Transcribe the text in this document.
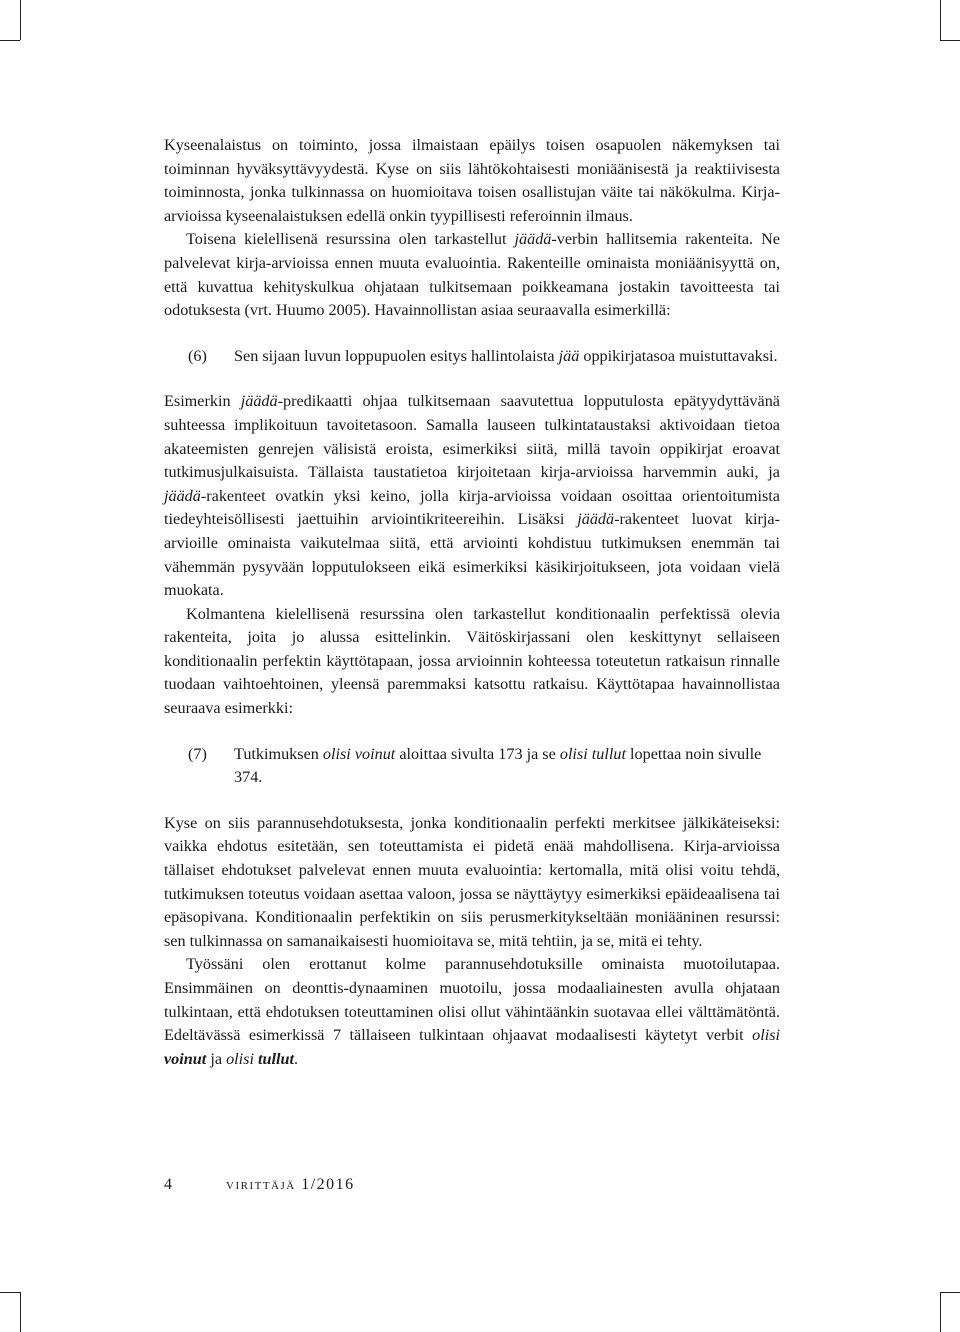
Kyseenalaistus on toiminto, jossa ilmaistaan epäilys toisen osapuolen näkemyksen tai toiminnan hyväksyttävyydestä. Kyse on siis lähtökohtaisesti moniäänisestä ja reaktiivisesta toiminnosta, jonka tulkinnassa on huomioitava toisen osallistujan väite tai näkökulma. Kirja-arvioissa kyseenalaistuksen edellä onkin tyypillisesti referoinnin ilmaus.

Toisena kielellisenä resurssina olen tarkastellut jäädä-verbin hallitsemia rakenteita. Ne palvelevat kirja-arvioissa ennen muuta evaluointia. Rakenteille ominaista moniäänisyyttä on, että kuvattua kehityskulkua ohjataan tulkitsemaan poikkeamana jostakin tavoitteesta tai odotuksesta (vrt. Huumo 2005). Havainnollistan asiaa seuraavalla esimerkillä:

(6)	Sen sijaan luvun loppupuolen esitys hallintolaista jää oppikirjatasoa muistuttavaksi.

Esimerkin jäädä-predikaatti ohjaa tulkitsemaan saavutettua lopputulosta epätyydyttävänä suhteessa implikoituun tavoitetasoon. Samalla lauseen tulkintataustaksi aktivoidaan tietoa akateemisten genrejen välisistä eroista, esimerkiksi siitä, millä tavoin oppikirjat eroavat tutkimusjulkaisuista. Tällaista taustatietoa kirjoitetaan kirja-arvioissa harvemmin auki, ja jäädä-rakenteet ovatkin yksi keino, jolla kirja-arvioissa voidaan osoittaa orientoitumista tiedeyhteisöllisesti jaettuihin arviointikriteereihin. Lisäksi jäädä-rakenteet luovat kirja-arvioille ominaista vaikutelmaa siitä, että arviointi kohdistuu tutkimuksen enemmän tai vähemmän pysyvään lopputulokseen eikä esimerkiksi käsikirjoitukseen, jota voidaan vielä muokata.

Kolmantena kielellisenä resurssina olen tarkastellut konditionaalin perfektissä olevia rakenteita, joita jo alussa esittelinkin. Väitöskirjassani olen keskittynyt sellaiseen konditionaalin perfektin käyttötapaan, jossa arvioinnin kohteessa toteutetun ratkaisun rinnalle tuodaan vaihtoehtoinen, yleensä paremmaksi katsottu ratkaisu. Käyttötapaa havainnollistaa seuraava esimerkki:

(7)	Tutkimuksen olisi voinut aloittaa sivulta 173 ja se olisi tullut lopettaa noin sivulle 374.

Kyse on siis parannusehdotuksesta, jonka konditionaalin perfekti merkitsee jälkikäteiseksi: vaikka ehdotus esitetään, sen toteuttamista ei pidetä enää mahdollisena. Kirja-arvioissa tällaiset ehdotukset palvelevat ennen muuta evaluointia: kertomalla, mitä olisi voitu tehdä, tutkimuksen toteutus voidaan asettaa valoon, jossa se näyttäytyy esimerkiksi epäideaalisena tai epäsopivana. Konditionaalin perfektikin on siis perusmerkitykseltään moniääninen resurssi: sen tulkinnassa on samanaikaisesti huomioitava se, mitä tehtiin, ja se, mitä ei tehty.

Työssäni olen erottanut kolme parannusehdotuksille ominaista muotoilutapaa. Ensimmäinen on deonttis-dynaaminen muotoilu, jossa modaaliainesten avulla ohjataan tulkintaan, että ehdotuksen toteuttaminen olisi ollut vähintäänkin suotavaa ellei välttämätöntä. Edeltävässä esimerkissä 7 tällaiseen tulkintaan ohjaavat modaalisesti käytetyt verbit olisi voinut ja olisi tullut.

4	virittäjä 1/2016
